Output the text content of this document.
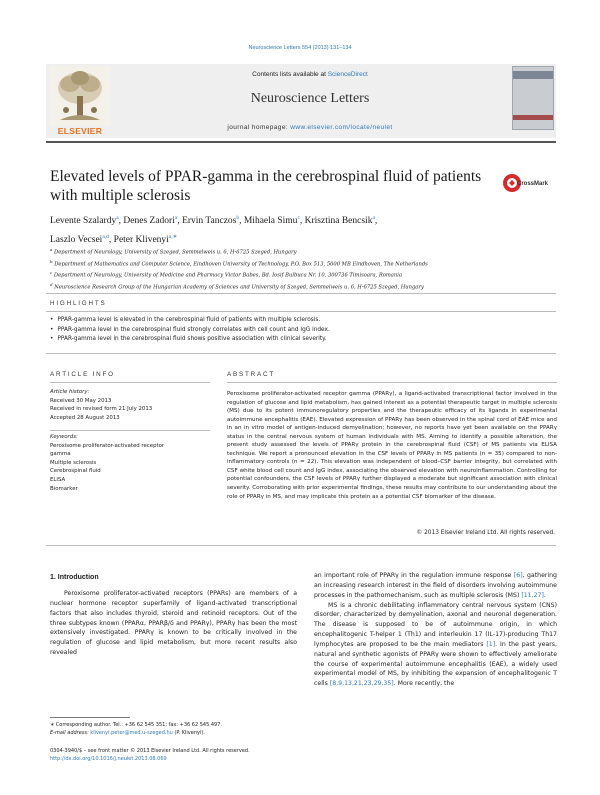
Neuroscience Letters 554 (2013) 131–134
ELSEVIER
Contents lists available at ScienceDirect
Neuroscience Letters
journal homepage: www.elsevier.com/locate/neulet
Elevated levels of PPAR-gamma in the cerebrospinal fluid of patients with multiple sclerosis
CrossMark
Levente Szalardy$^a$, Denes Zadori$^a$, Ervin Tanczos$^b$, Mihaela Simu$^c$, Krisztina Bencsik$^a$,
Laszlo Vecsei$^{a,d}$, Peter Klivenyi$^{a,∗}$
$^a$ Department of Neurology, University of Szeged, Semmelweis u. 6, H-6725 Szeged, Hungary
$^b$ Department of Mathematics and Computer Science, Eindhoven University of Technology, P.O. Box 513, 5600 MB Eindhoven, The Netherlands
$^c$ Department of Neurology, University of Medicine and Pharmacy Victor Babes, Bd. Iosif Bulbuca Nr. 10, 300736 Timisoara, Romania
$^d$ Neuroscience Research Group of the Hungarian Academy of Sciences and University of Szeged, Semmelweis u. 6, H-6725 Szeged, Hungary
HIGHLIGHTS
• PPAR-gamma level is elevated in the cerebrospinal fluid of patients with multiple sclerosis.
• PPAR-gamma level in the cerebrospinal fluid strongly correlates with cell count and IgG index.
• PPAR-gamma level in the cerebrospinal fluid shows positive association with clinical severity.
ARTICLE INFO
Article history:
Received 30 May 2013
Received in revised form 21 July 2013
Accepted 28 August 2013
Keywords:
Peroxisome proliferator-activated receptor
gamma
Multiple sclerosis
Cerebrospinal fluid
ELISA
Biomarker
ABSTRACT
Peroxisome proliferator-activated receptor gamma (PPARγ), a ligand-activated transcriptional factor involved in the regulation of glucose and lipid metabolism, has gained interest as a potential therapeutic target in multiple sclerosis (MS) due to its potent immunoregulatory properties and the therapeutic efficacy of its ligands in experimental autoimmune encephalitis (EAE). Elevated expression of PPARγ has been observed in the spinal cord of EAE mice and in an in vitro model of antigen-induced demyelination; however, no reports have yet been available on the PPARγ status in the central nervous system of human individuals with MS. Aiming to identify a possible alteration, the present study assessed the levels of PPARγ protein in the cerebrospinal fluid (CSF) of MS patients via ELISA technique. We report a pronounced elevation in the CSF levels of PPARγ in MS patients (n = 35) compared to non-inflammatory controls (n = 22). This elevation was independent of blood–CSF barrier integrity, but correlated with CSF white blood cell count and IgG index, associating the observed elevation with neuroinflammation. Controlling for potential confounders, the CSF levels of PPARγ further displayed a moderate but significant association with clinical severity. Corroborating with prior experimental findings, these results may contribute to our understanding about the role of PPARγ in MS, and may implicate this protein as a potential CSF biomarker of the disease.
© 2013 Elsevier Ireland Ltd. All rights reserved.
1. Introduction
Peroxisome proliferator-activated receptors (PPARs) are members of a nuclear hormone receptor superfamily of ligand-activated transcriptional factors that also includes thyroid, steroid and retinoid receptors. Out of the three subtypes known (PPARα, PPARβ/δ and PPARγ), PPARγ has been the most extensively investigated. PPARγ is known to be critically involved in the regulation of glucose and lipid metabolism, but more recent results also revealed

an important role of PPARγ in the regulation immune response [6], gathering an increasing research interest in the field of disorders involving autoimmune processes in the pathomechanism, such as multiple sclerosis (MS) [11,27].

MS is a chronic debilitating inflammatory central nervous system (CNS) disorder, characterized by demyelination, axonal and neuronal degeneration. The disease is supposed to be of autoimmune origin, in which encephalitogenic T-helper 1 (Th1) and interleukin 17 (IL-17)-producing Th17 lymphocytes are proposed to be the main mediators [1]. In the past years, natural and synthetic agonists of PPARγ were shown to effectively ameliorate the course of experimental autoimmune encephalitis (EAE), a widely used experimental model of MS, by inhibiting the expansion of encephalitogenic T cells [8,9,13,21,23,29,35]. More recently, the

∗ Corresponding author. Tel.: +36 62 545 351; fax: +36 62 545 497.
E-mail address: klivenyi.peter@med.u-szeged.hu (P. Klivenyi).
0304-3940/$ – see front matter © 2013 Elsevier Ireland Ltd. All rights reserved.
http://dx.doi.org/10.1016/j.neulet.2013.08.069
